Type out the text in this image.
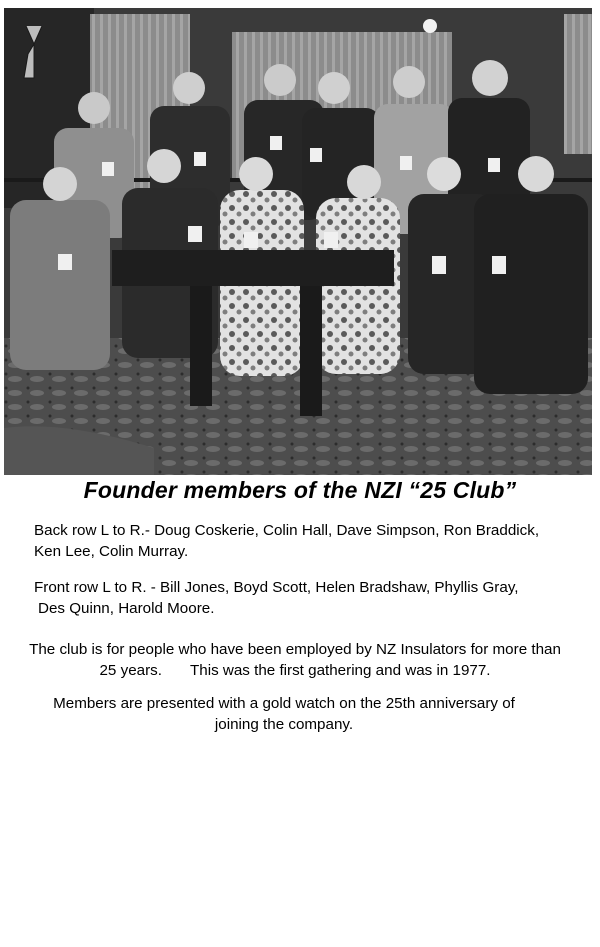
Founder members of the NZI “25 Club”
Back row L to R.- Doug Coskerie, Colin Hall, Dave Simpson, Ron Braddick,
Ken Lee, Colin Murray.
Front row L to R. - Bill Jones, Boyd Scott, Helen Bradshaw, Phyllis Gray,
Des Quinn, Harold Moore.
The club is for people who have been employed by NZ Insulators for more than
25 years. This was the first gathering and was in 1977.
Members are presented with a gold watch on the 25th anniversary of
joining the company.
